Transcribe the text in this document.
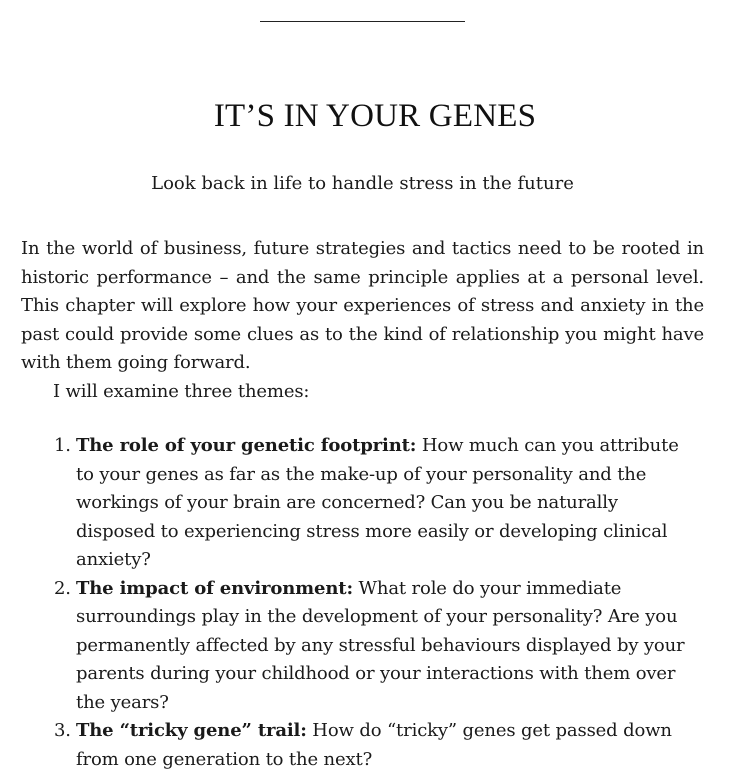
IT’S IN YOUR GENES

Look back in life to handle stress in the future

In the world of business, future strategies and tactics need to be rooted in historic performance – and the same principle applies at a personal level. This chapter will explore how your experiences of stress and anxiety in the past could provide some clues as to the kind of relationship you might have with them going forward.

I will examine three themes:

1. The role of your genetic footprint: How much can you attribute to your genes as far as the make-up of your personality and the workings of your brain are concerned? Can you be naturally disposed to experiencing stress more easily or developing clinical anxiety?
2. The impact of environment: What role do your immediate surroundings play in the development of your personality? Are you permanently affected by any stressful behaviours displayed by your parents during your childhood or your interactions with them over the years?
3. The “tricky gene” trail: How do “tricky” genes get passed down from one generation to the next?
